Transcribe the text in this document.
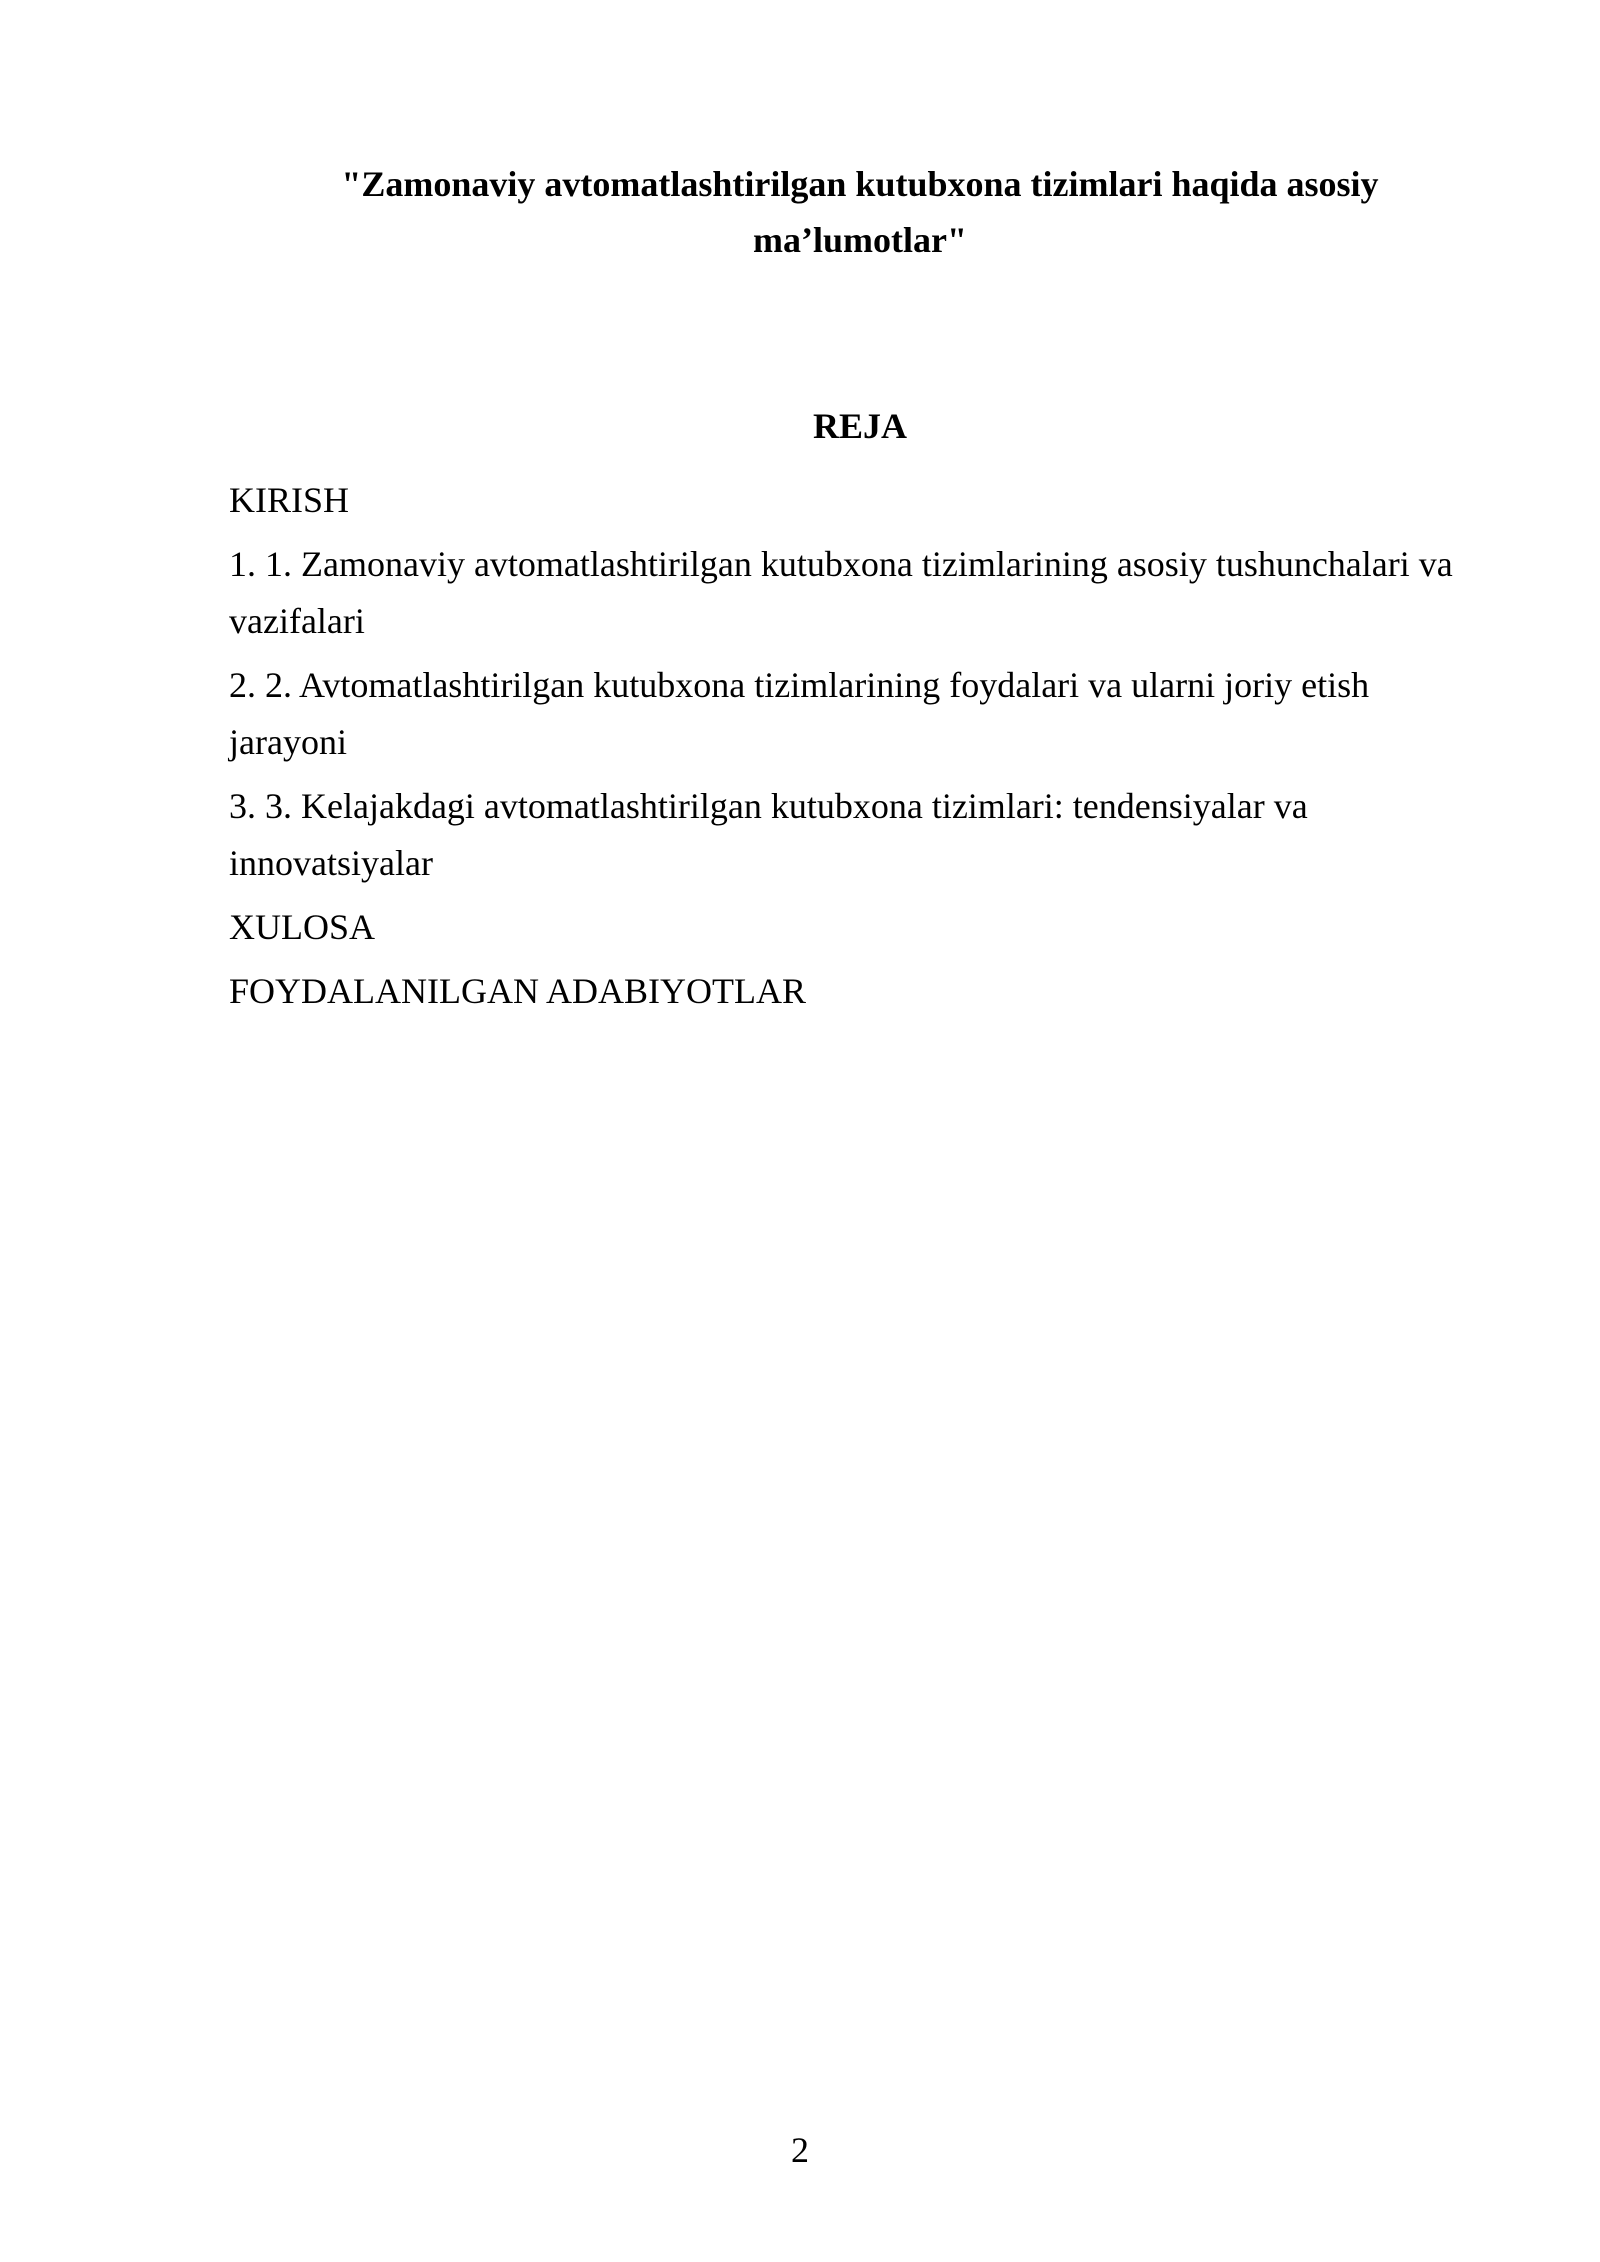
"Zamonaviy avtomatlashtirilgan kutubxona tizimlari haqida asosiy ma’lumotlar"
REJA
KIRISH
1. 1. Zamonaviy avtomatlashtirilgan kutubxona tizimlarining asosiy tushunchalari va vazifalari
2. 2. Avtomatlashtirilgan kutubxona tizimlarining foydalari va ularni joriy etish jarayoni
3. 3. Kelajakdagi avtomatlashtirilgan kutubxona tizimlari: tendensiyalar va innovatsiyalar
XULOSA
FOYDALANILGAN ADABIYOTLAR

2
